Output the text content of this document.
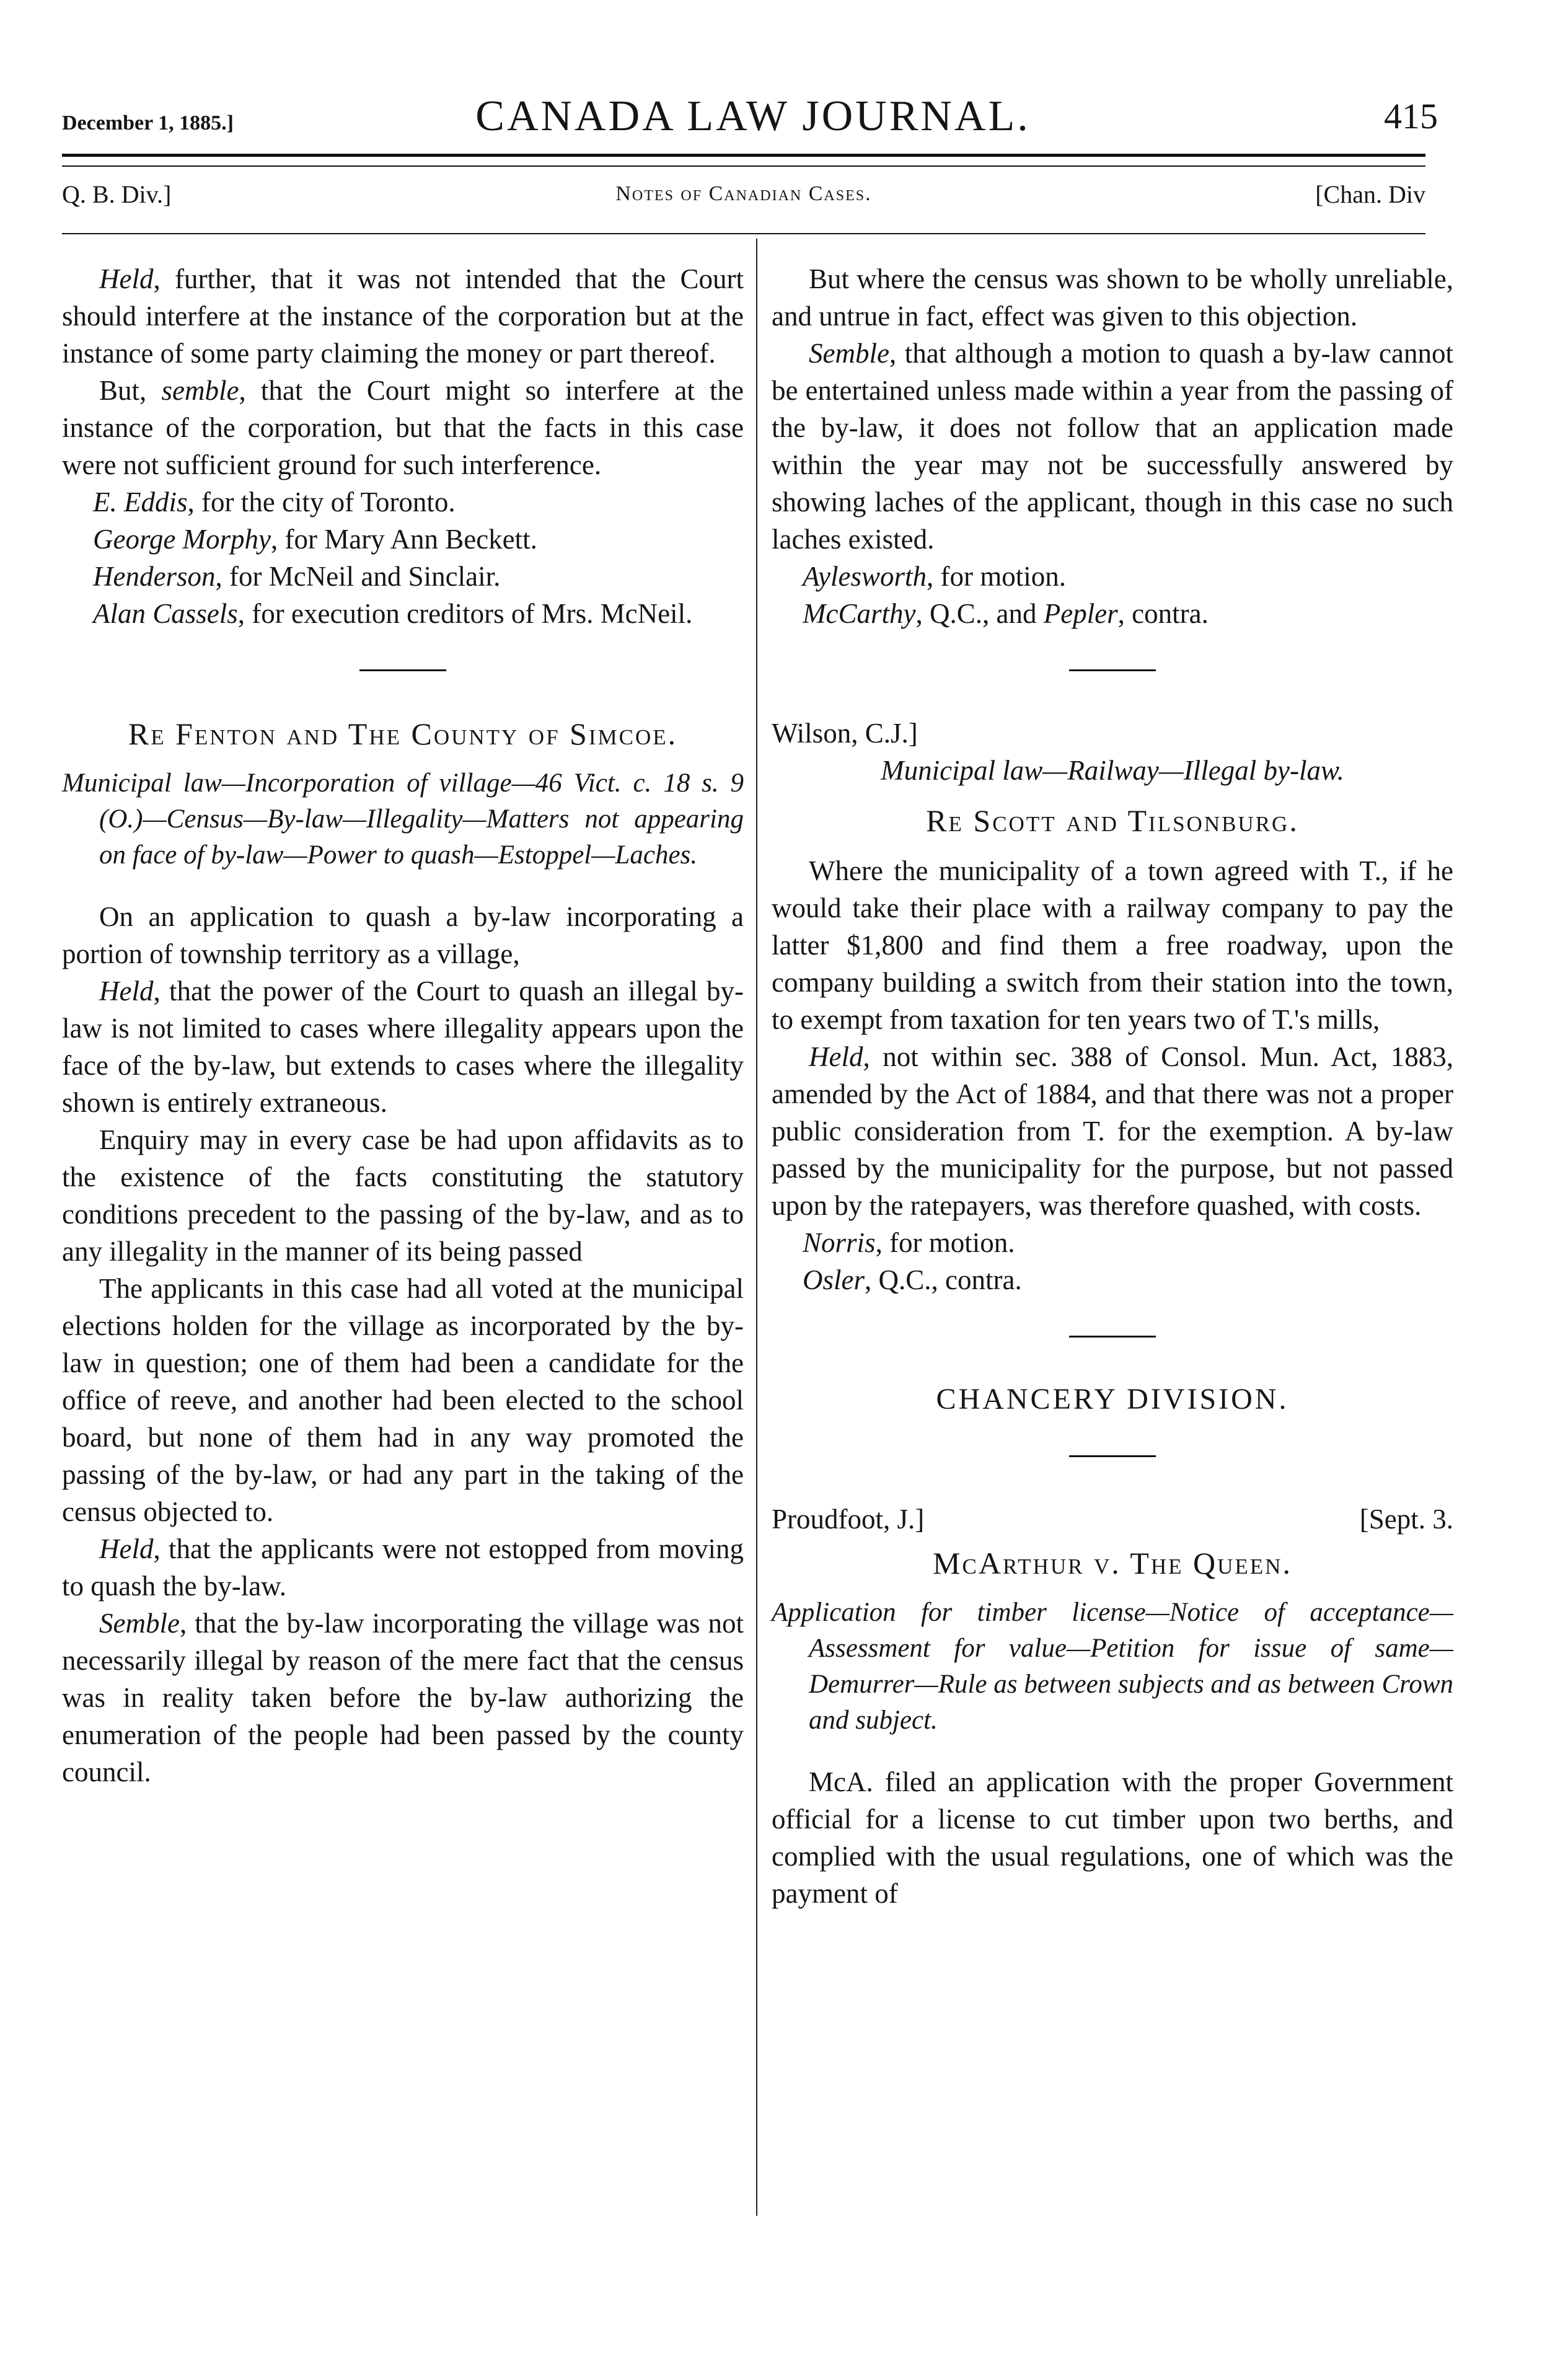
December 1, 1885.]	CANADA LAW JOURNAL.	415
Q. B. Div.]	Notes of Canadian Cases.	[Chan. Div

Held, further, that it was not intended that the Court should interfere at the instance of the corporation but at the instance of some party claiming the money or part thereof.

But, semble, that the Court might so interfere at the instance of the corporation, but that the facts in this case were not sufficient ground for such interference.

E. Eddis, for the city of Toronto.

George Morphy, for Mary Ann Beckett.

Henderson, for McNeil and Sinclair.

Alan Cassels, for execution creditors of Mrs. McNeil.

Re Fenton and The County of Simcoe.
Municipal law—Incorporation of village—46 Vict. c. 18 s. 9 (O.)—Census—By-law—Illegality—Matters not appearing on face of by-law—Power to quash—Estoppel—Laches.

On an application to quash a by-law incorporating a portion of township territory as a village,

Held, that the power of the Court to quash an illegal by-law is not limited to cases where illegality appears upon the face of the by-law, but extends to cases where the illegality shown is entirely extraneous.

Enquiry may in every case be had upon affidavits as to the existence of the facts constituting the statutory conditions precedent to the passing of the by-law, and as to any illegality in the manner of its being passed

The applicants in this case had all voted at the municipal elections holden for the village as incorporated by the by-law in question; one of them had been a candidate for the office of reeve, and another had been elected to the school board, but none of them had in any way promoted the passing of the by-law, or had any part in the taking of the census objected to.

Held, that the applicants were not estopped from moving to quash the by-law.

Semble, that the by-law incorporating the village was not necessarily illegal by reason of the mere fact that the census was in reality taken before the by-law authorizing the enumeration of the people had been passed by the county council.

But where the census was shown to be wholly unreliable, and untrue in fact, effect was given to this objection.

Semble, that although a motion to quash a by-law cannot be entertained unless made within a year from the passing of the by-law, it does not follow that an application made within the year may not be successfully answered by showing laches of the applicant, though in this case no such laches existed.

Aylesworth, for motion.

McCarthy, Q.C., and Pepler, contra.

Wilson, C.J.]

Municipal law—Railway—Illegal by-law.
Re Scott and Tilsonburg.

Where the municipality of a town agreed with T., if he would take their place with a railway company to pay the latter $1,800 and find them a free roadway, upon the company building a switch from their station into the town, to exempt from taxation for ten years two of T.'s mills,

Held, not within sec. 388 of Consol. Mun. Act, 1883, amended by the Act of 1884, and that there was not a proper public consideration from T. for the exemption. A by-law passed by the municipality for the purpose, but not passed upon by the ratepayers, was therefore quashed, with costs.

Norris, for motion.

Osler, Q.C., contra.

CHANCERY DIVISION.
Proudfoot, J.]	[Sept. 3.
McArthur v. The Queen.
Application for timber license—Notice of acceptance—Assessment for value—Petition for issue of same—Demurrer—Rule as between subjects and as between Crown and subject.

McA. filed an application with the proper Government official for a license to cut timber upon two berths, and complied with the usual regulations, one of which was the payment of
